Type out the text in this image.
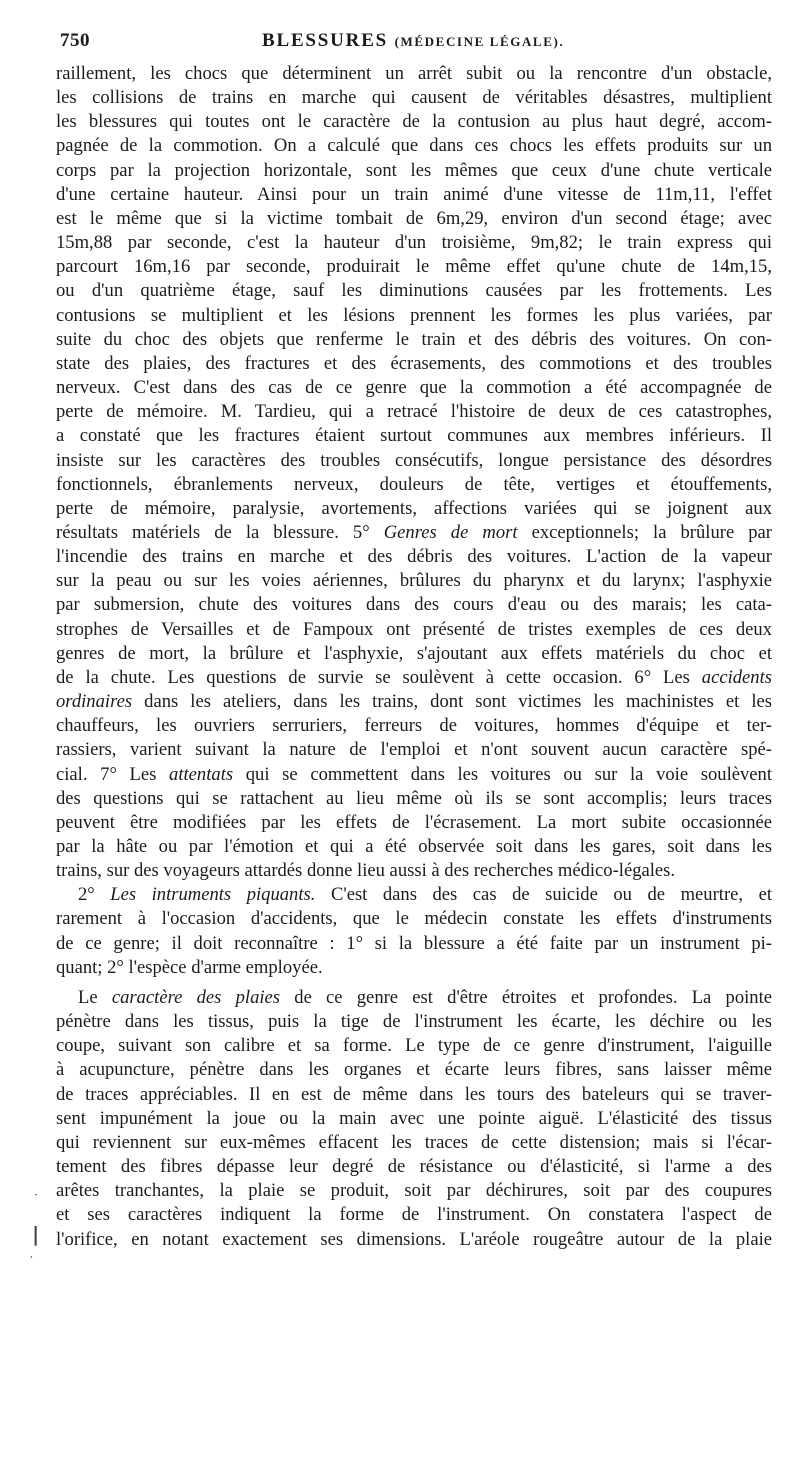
750	BLESSURES (MÉDECINE LÉGALE).
raillement, les chocs que déterminent un arrêt subit ou la rencontre d'un obstacle,
les collisions de trains en marche qui causent de véritables désastres, multiplient
les blessures qui toutes ont le caractère de la contusion au plus haut degré, accom-
pagnée de la commotion. On a calculé que dans ces chocs les effets produits sur un
corps par la projection horizontale, sont les mêmes que ceux d'une chute verticale
d'une certaine hauteur. Ainsi pour un train animé d'une vitesse de 11m,11, l'effet
est le même que si la victime tombait de 6m,29, environ d'un second étage; avec
15m,88 par seconde, c'est la hauteur d'un troisième, 9m,82; le train express qui
parcourt 16m,16 par seconde, produirait le même effet qu'une chute de 14m,15,
ou d'un quatrième étage, sauf les diminutions causées par les frottements. Les
contusions se multiplient et les lésions prennent les formes les plus variées, par
suite du choc des objets que renferme le train et des débris des voitures. On con-
state des plaies, des fractures et des écrasements, des commotions et des troubles
nerveux. C'est dans des cas de ce genre que la commotion a été accompagnée de
perte de mémoire. M. Tardieu, qui a retracé l'histoire de deux de ces catastrophes,
a constaté que les fractures étaient surtout communes aux membres inférieurs. Il
insiste sur les caractères des troubles consécutifs, longue persistance des désordres
fonctionnels, ébranlements nerveux, douleurs de tête, vertiges et étouffements,
perte de mémoire, paralysie, avortements, affections variées qui se joignent aux
résultats matériels de la blessure. 5° Genres de mort exceptionnels; la brûlure par
l'incendie des trains en marche et des débris des voitures. L'action de la vapeur
sur la peau ou sur les voies aériennes, brûlures du pharynx et du larynx; l'asphyxie
par submersion, chute des voitures dans des cours d'eau ou des marais; les cata-
strophes de Versailles et de Fampoux ont présenté de tristes exemples de ces deux
genres de mort, la brûlure et l'asphyxie, s'ajoutant aux effets matériels du choc et
de la chute. Les questions de survie se soulèvent à cette occasion. 6° Les accidents
ordinaires dans les ateliers, dans les trains, dont sont victimes les machinistes et les
chauffeurs, les ouvriers serruriers, ferreurs de voitures, hommes d'équipe et ter-
rassiers, varient suivant la nature de l'emploi et n'ont souvent aucun caractère spé-
cial. 7° Les attentats qui se commettent dans les voitures ou sur la voie soulèvent
des questions qui se rattachent au lieu même où ils se sont accomplis; leurs traces
peuvent être modifiées par les effets de l'écrasement. La mort subite occasionnée
par la hâte ou par l'émotion et qui a été observée soit dans les gares, soit dans les
trains, sur des voyageurs attardés donne lieu aussi à des recherches médico-légales.
2° Les intruments piquants. C'est dans des cas de suicide ou de meurtre, et
rarement à l'occasion d'accidents, que le médecin constate les effets d'instruments
de ce genre; il doit reconnaître : 1° si la blessure a été faite par un instrument pi-
quant; 2° l'espèce d'arme employée.
Le caractère des plaies de ce genre est d'être étroites et profondes. La pointe
pénètre dans les tissus, puis la tige de l'instrument les écarte, les déchire ou les
coupe, suivant son calibre et sa forme. Le type de ce genre d'instrument, l'aiguille
à acupuncture, pénètre dans les organes et écarte leurs fibres, sans laisser même
de traces appréciables. Il en est de même dans les tours des bateleurs qui se traver-
sent impunément la joue ou la main avec une pointe aiguë. L'élasticité des tissus
qui reviennent sur eux-mêmes effacent les traces de cette distension; mais si l'écar-
tement des fibres dépasse leur degré de résistance ou d'élasticité, si l'arme a des
arêtes tranchantes, la plaie se produit, soit par déchirures, soit par des coupures
et ses caractères indiquent la forme de l'instrument. On constatera l'aspect de
l'orifice, en notant exactement ses dimensions. L'aréole rougeâtre autour de la plaie
·
|
′
